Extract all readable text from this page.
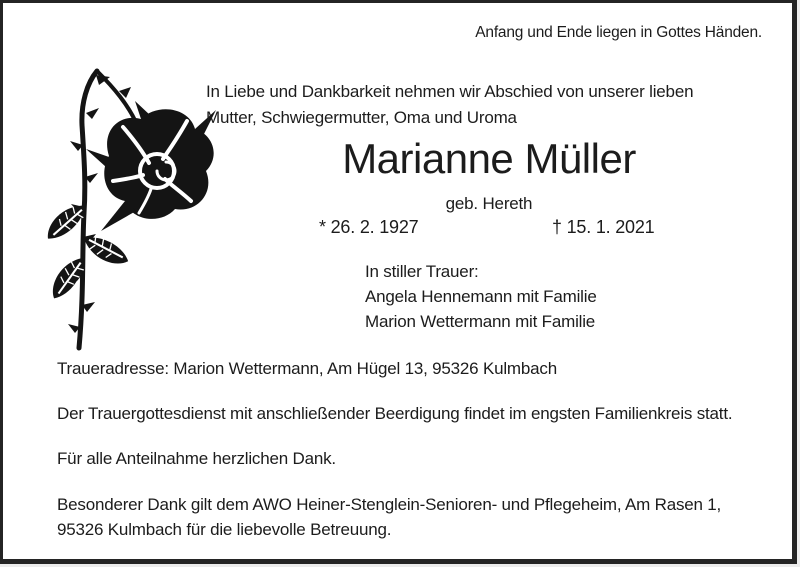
Anfang und Ende liegen in Gottes Händen.
In Liebe und Dankbarkeit nehmen wir Abschied von unserer lieben
Mutter, Schwiegermutter, Oma und Uroma
Marianne Müller
geb. Hereth
* 26. 2. 1927	† 15. 1. 2021
In stiller Trauer:
Angela Hennemann mit Familie
Marion Wettermann mit Familie
Traueradresse: Marion Wettermann, Am Hügel 13, 95326 Kulmbach
Der Trauergottesdienst mit anschließender Beerdigung findet im engsten Familienkreis statt.
Für alle Anteilnahme herzlichen Dank.
Besonderer Dank gilt dem AWO Heiner-Stenglein-Senioren- und Pflegeheim, Am Rasen 1, 95326 Kulmbach für die liebevolle Betreuung.
